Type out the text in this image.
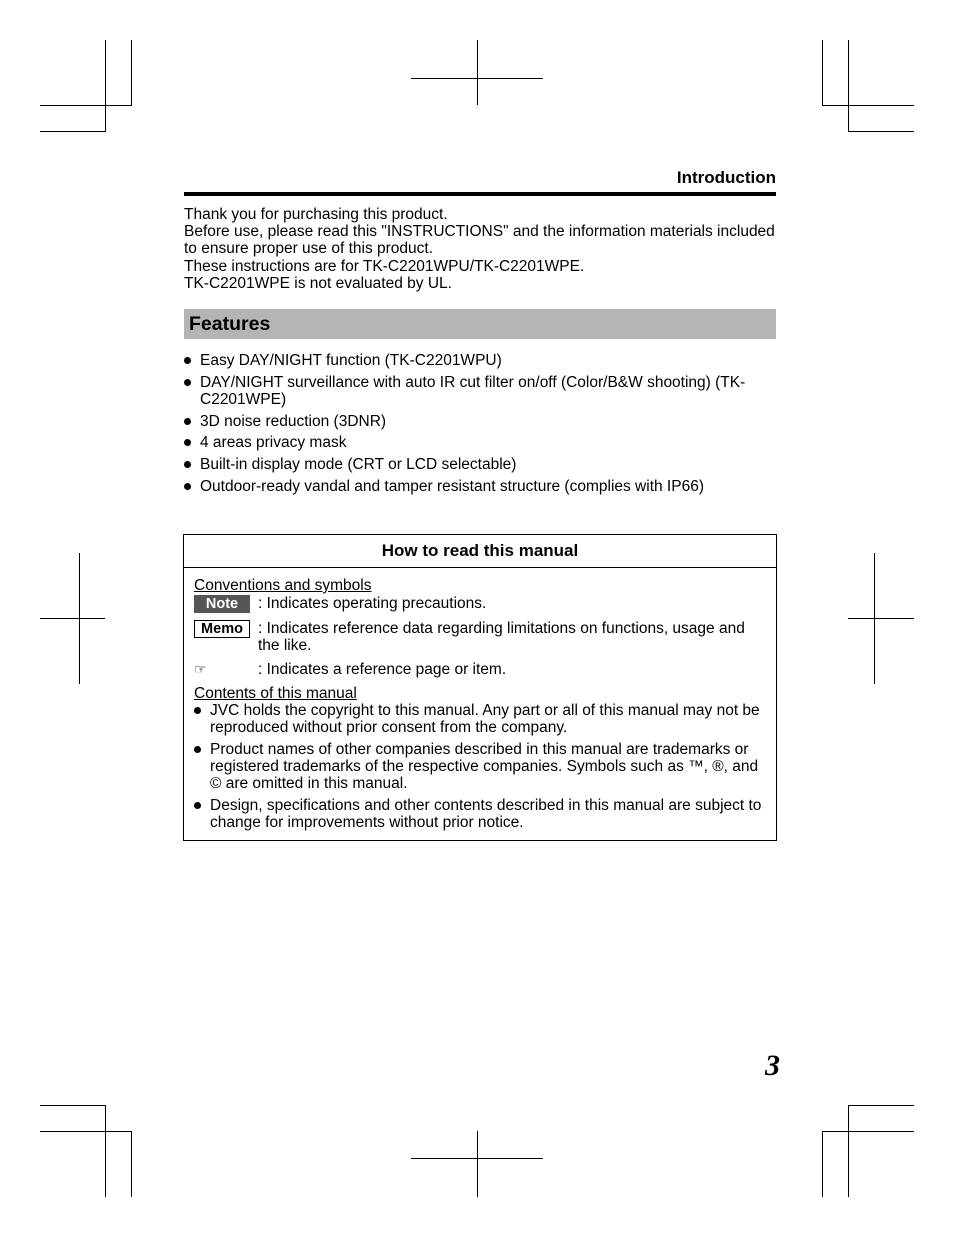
Introduction

Thank you for purchasing this product.

Before use, please read this "INSTRUCTIONS" and the information materials included to ensure proper use of this product.

These instructions are for TK-C2201WPU/TK-C2201WPE.

TK-C2201WPE is not evaluated by UL.

Features
Easy DAY/NIGHT function (TK-C2201WPU)
DAY/NIGHT surveillance with auto IR cut filter on/off (Color/B&W shooting) (TK-C2201WPE)
3D noise reduction (3DNR)
4 areas privacy mask
Built-in display mode (CRT or LCD selectable)
Outdoor-ready vandal and tamper resistant structure (complies with IP66)
How to read this manual
Conventions and symbols
Note	: Indicates operating precautions.
Memo : Indicates reference data regarding limitations on functions, usage and the like.
☞	: Indicates a reference page or item.
Contents of this manual
JVC holds the copyright to this manual. Any part or all of this manual may not be reproduced without prior consent from the company.
Product names of other companies described in this manual are trademarks or registered trademarks of the respective companies. Symbols such as ™, ®, and © are omitted in this manual.
Design, specifications and other contents described in this manual are subject to change for improvements without prior notice.
3
